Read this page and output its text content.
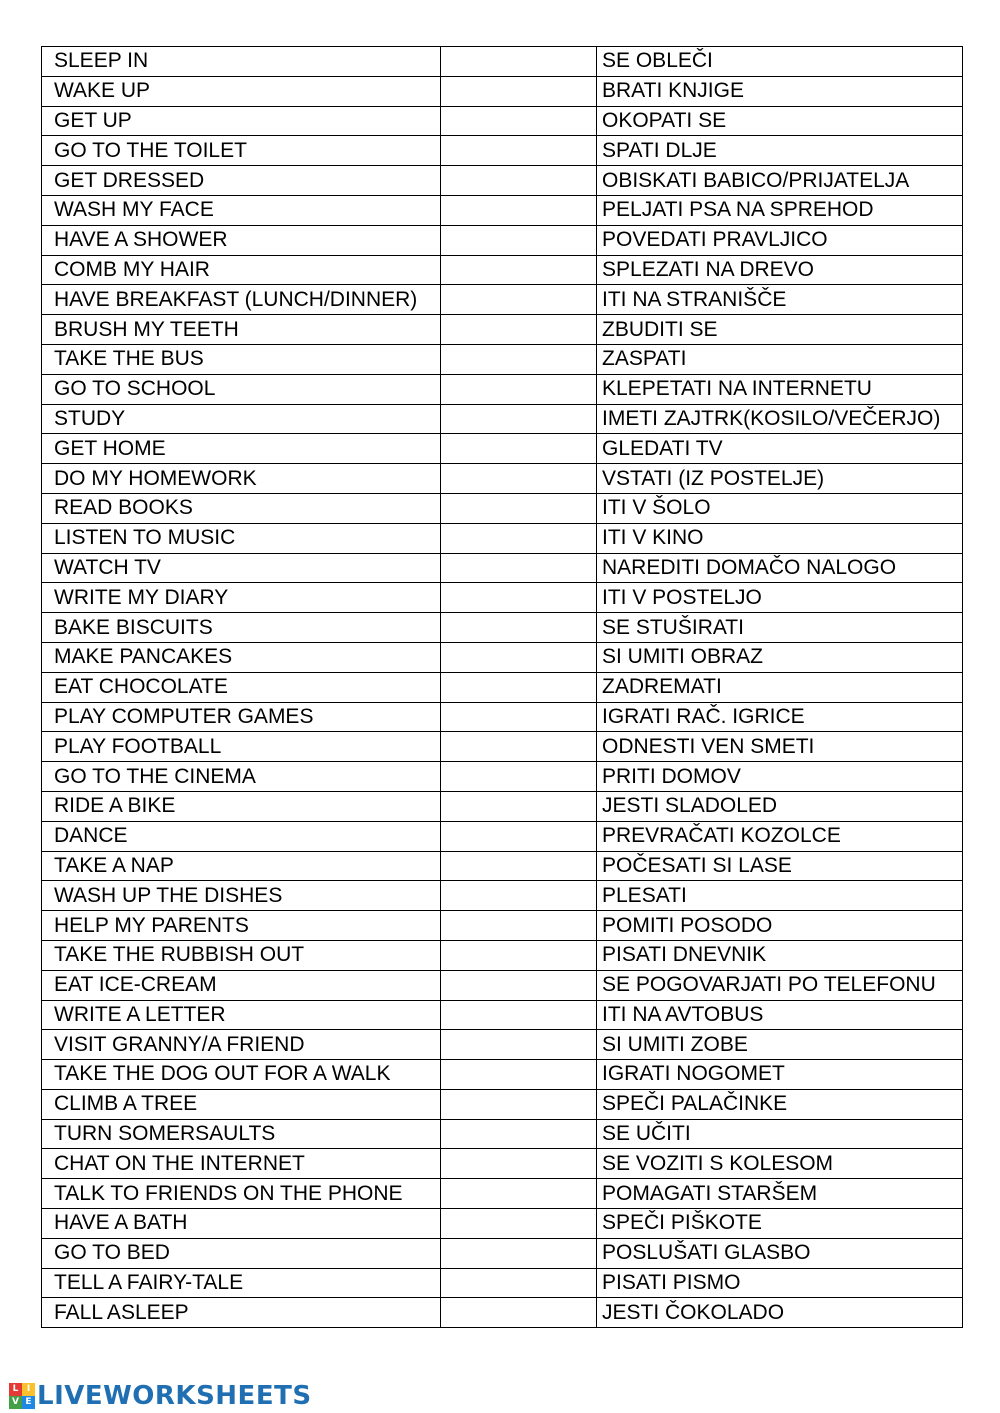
SLEEP IN		SE OBLEČI
WAKE UP		BRATI KNJIGE
GET UP		OKOPATI SE
GO TO THE TOILET		SPATI DLJE
GET DRESSED		OBISKATI BABICO/PRIJATELJA
WASH MY FACE		PELJATI PSA NA SPREHOD
HAVE A SHOWER		POVEDATI PRAVLJICO
COMB MY HAIR		SPLEZATI NA DREVO
HAVE BREAKFAST (LUNCH/DINNER)		ITI NA STRANIŠČE
BRUSH MY TEETH		ZBUDITI SE
TAKE THE BUS		ZASPATI
GO TO SCHOOL		KLEPETATI NA INTERNETU
STUDY		IMETI ZAJTRK(KOSILO/VEČERJO)
GET HOME		GLEDATI TV
DO MY HOMEWORK		VSTATI (IZ POSTELJE)
READ BOOKS		ITI V ŠOLO
LISTEN TO MUSIC		ITI V KINO
WATCH TV		NAREDITI DOMAČO NALOGO
WRITE MY DIARY		ITI V POSTELJO
BAKE BISCUITS		SE STUŠIRATI
MAKE PANCAKES		SI UMITI OBRAZ
EAT CHOCOLATE		ZADREMATI
PLAY COMPUTER GAMES		IGRATI RAČ. IGRICE
PLAY FOOTBALL		ODNESTI VEN SMETI
GO TO THE CINEMA		PRITI DOMOV
RIDE A BIKE		JESTI SLADOLED
DANCE		PREVRAČATI KOZOLCE
TAKE A NAP		POČESATI SI LASE
WASH UP THE DISHES		PLESATI
HELP MY PARENTS		POMITI POSODO
TAKE THE RUBBISH OUT		PISATI DNEVNIK
EAT ICE-CREAM		SE POGOVARJATI PO TELEFONU
WRITE A LETTER		ITI NA AVTOBUS
VISIT GRANNY/A FRIEND		SI UMITI ZOBE
TAKE THE DOG OUT FOR A WALK		IGRATI NOGOMET
CLIMB A TREE		SPEČI PALAČINKE
TURN SOMERSAULTS		SE UČITI
CHAT ON THE INTERNET		SE VOZITI S KOLESOM
TALK TO FRIENDS ON THE PHONE		POMAGATI STARŠEM
HAVE A BATH		SPEČI PIŠKOTE
GO TO BED		POSLUŠATI GLASBO
TELL A FAIRY-TALE		PISATI PISMO
FALL ASLEEP		JESTI ČOKOLADO
L I
V E LIVEWORKSHEETS
